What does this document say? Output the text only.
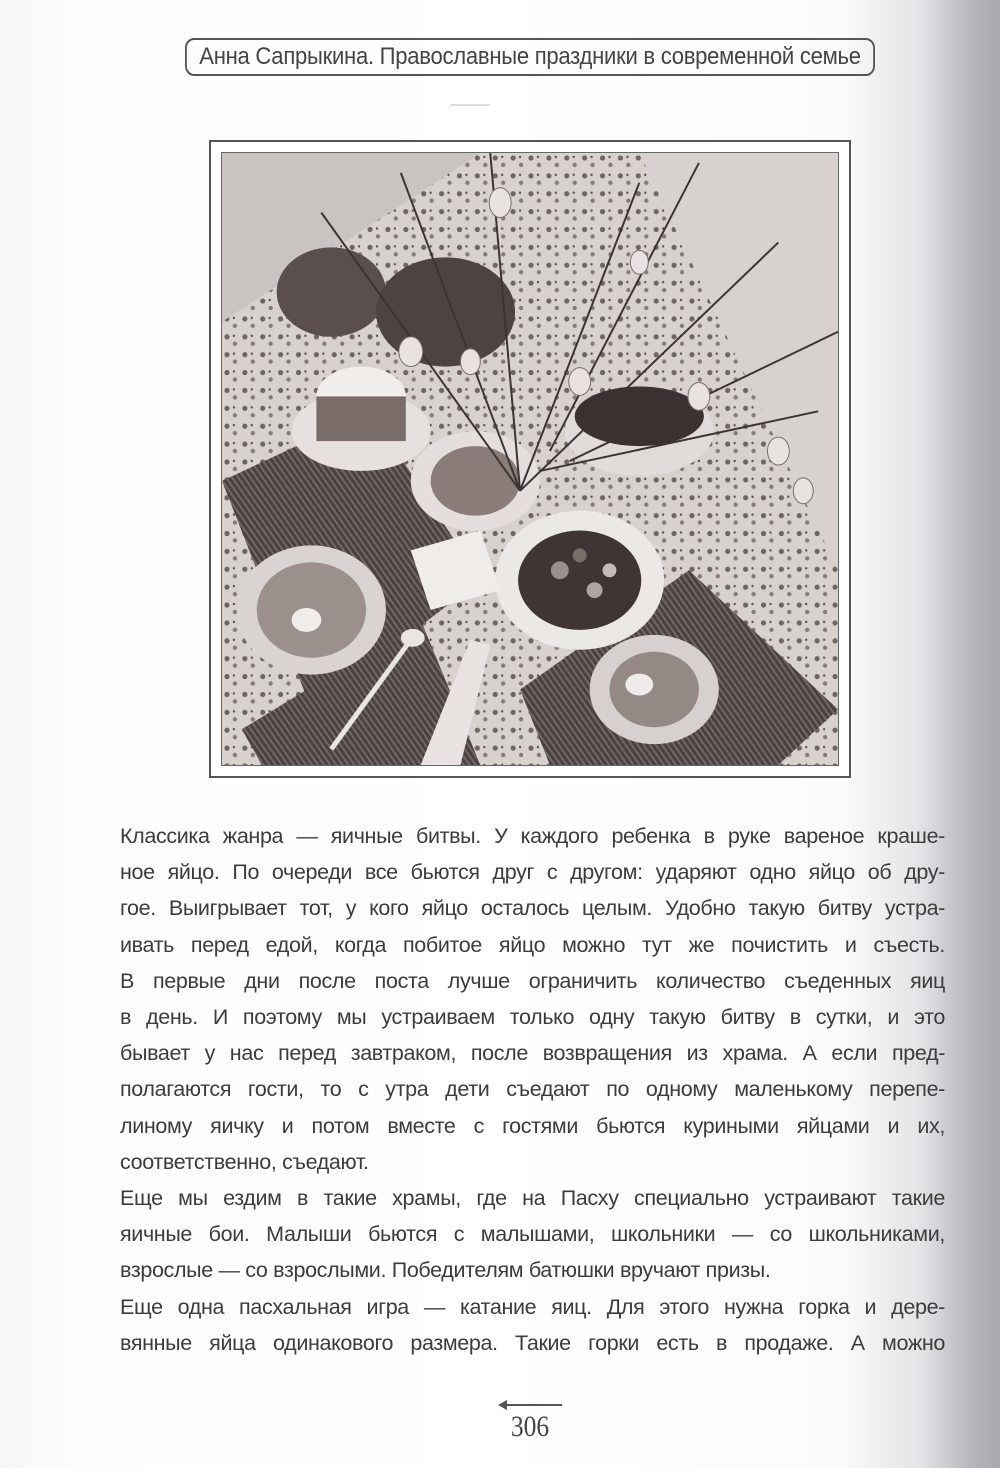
Анна Сапрыкина. Православные праздники в современной семье
Классика жанра — яичные битвы. У каждого ребенка в руке вареное краше-
ное яйцо. По очереди все бьются друг с другом: ударяют одно яйцо об дру-
гое. Выигрывает тот, у кого яйцо осталось целым. Удобно такую битву устра-
ивать перед едой, когда побитое яйцо можно тут же почистить и съесть.
В первые дни после поста лучше ограничить количество съеденных яиц
в день. И поэтому мы устраиваем только одну такую битву в сутки, и это
бывает у нас перед завтраком, после возвращения из храма. А если пред-
полагаются гости, то с утра дети съедают по одному маленькому перепе-
линому яичку и потом вместе с гостями бьются куриными яйцами и их,
соответственно, съедают.
Еще мы ездим в такие храмы, где на Пасху специально устраивают такие
яичные бои. Малыши бьются с малышами, школьники — со школьниками,
взрослые — со взрослыми. Победителям батюшки вручают призы.
Еще одна пасхальная игра — катание яиц. Для этого нужна горка и дере-
вянные яйца одинакового размера. Такие горки есть в продаже. А можно
306
